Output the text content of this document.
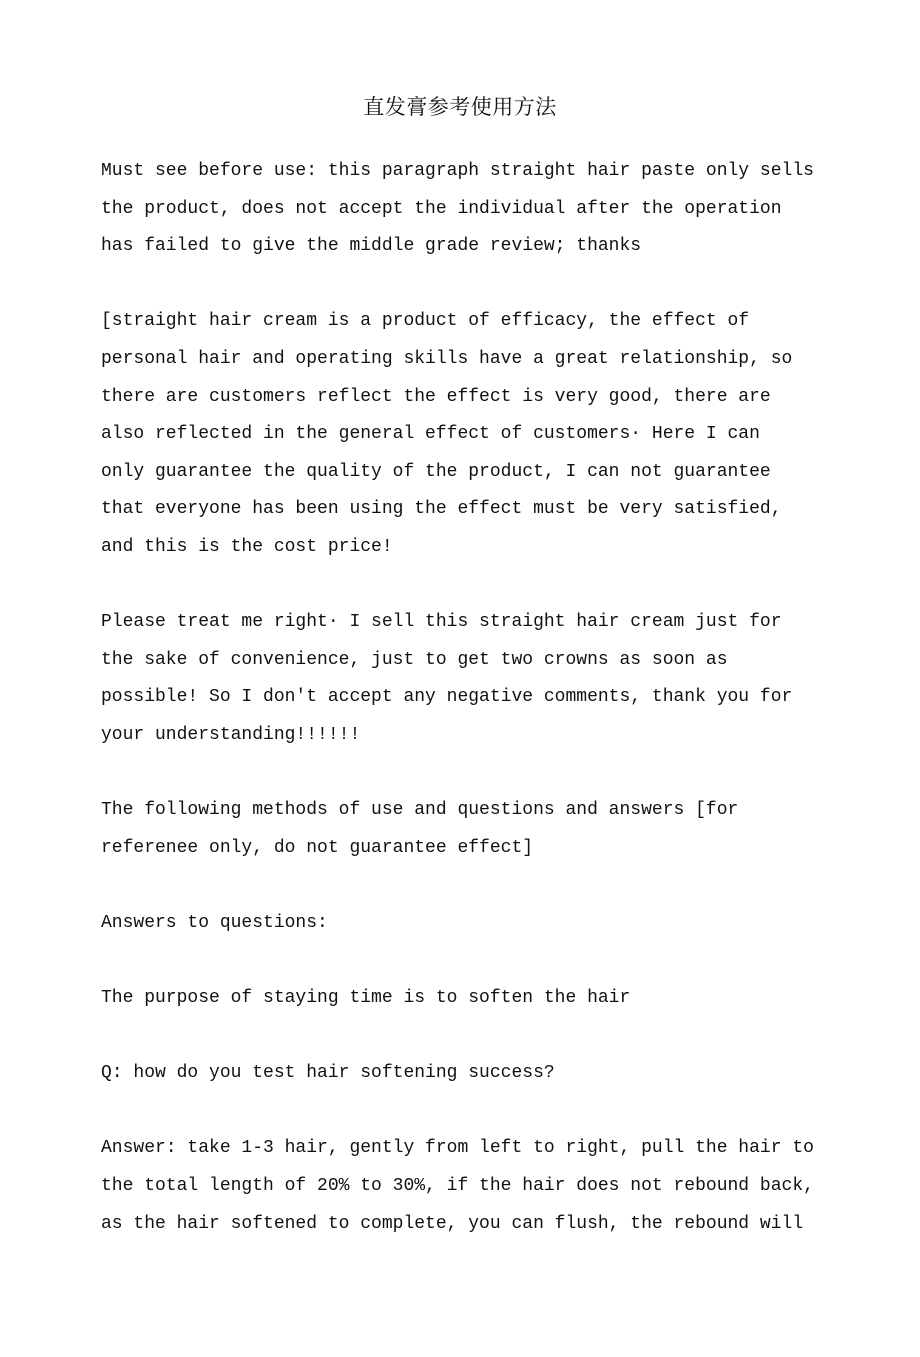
直发膏参考使用方法
Must see before use: this paragraph straight hair paste only sells
the product, does not accept the individual after the operation
has failed to give the middle grade review; thanks
[straight hair cream is a product of efficacy, the effect of
personal hair and operating skills have a great relationship, so
there are customers reflect the effect is very good, there are
also reflected in the general effect of customers· Here I can
only guarantee the quality of the product, I can not guarantee
that everyone has been using the effect must be very satisfied,
and this is the cost price!
Please treat me right· I sell this straight hair cream just for
the sake of convenience, just to get two crowns as soon as
possible! So I don't accept any negative comments, thank you for
your understanding!!!!!!
The following methods of use and questions and answers [for
referenee only, do not guarantee effect]
Answers to questions:
The purpose of staying time is to soften the hair
Q: how do you test hair softening success?
Answer: take 1-3 hair, gently from left to right, pull the hair to
the total length of 20% to 30%, if the hair does not rebound back,
as the hair softened to complete, you can flush, the rebound will
